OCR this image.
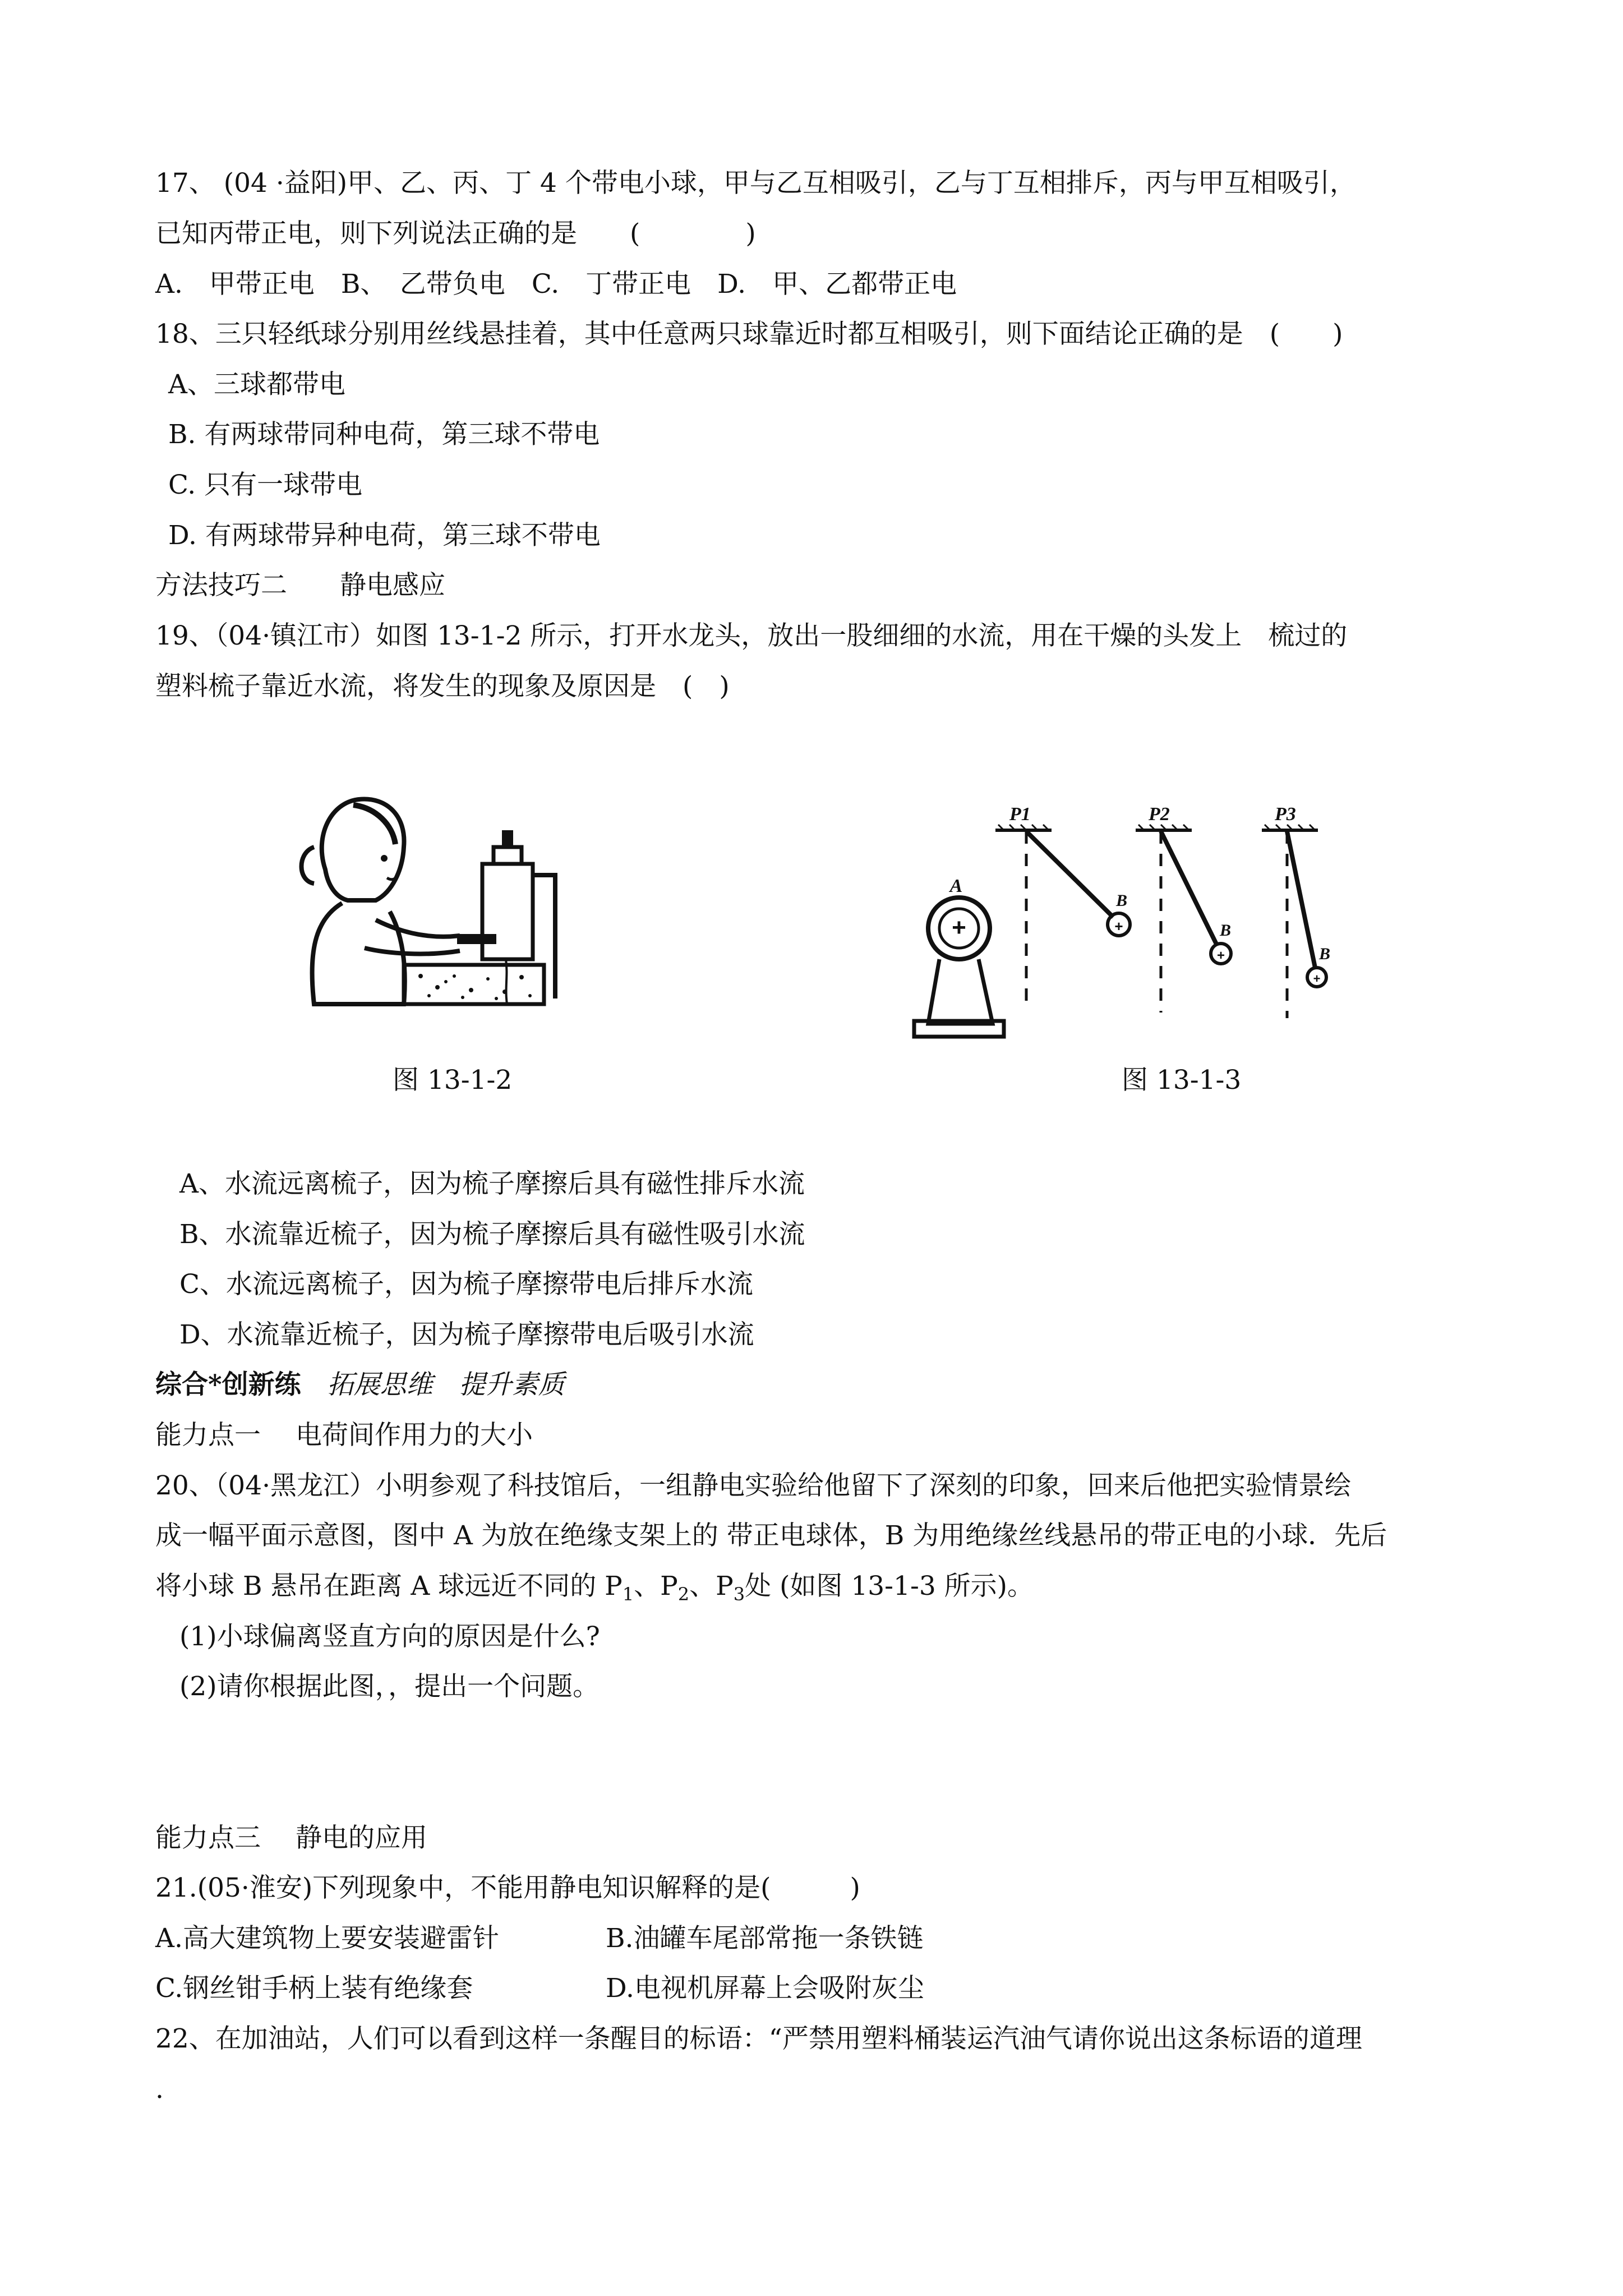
17、 (04 ·益阳)甲、乙、丙、丁 4 个带电小球，甲与乙互相吸引，乙与丁互相排斥，丙与甲互相吸引，
已知丙带正电，则下列说法正确的是　　(　　　　)
A.　甲带正电　B、　乙带负电　C.　丁带正电　D.　甲、乙都带正电
18、三只轻纸球分别用丝线悬挂着，其中任意两只球靠近时都互相吸引，则下面结论正确的是　(　　)
A、三球都带电
B. 有两球带同种电荷，第三球不带电
C. 只有一球带电
D. 有两球带异种电荷，第三球不带电
方法技巧二　　静电感应
19、（04·镇江市）如图 13-1-2 所示，打开水龙头，放出一股细细的水流，用在干燥的头发上　梳过的
塑料梳子靠近水流，将发生的现象及原因是　(　)
图 13-1-2
+
A
+
P1
B
+
P2
B
+
P3
B
图 13-1-3
A、水流远离梳子，因为梳子摩擦后具有磁性排斥水流
B、水流靠近梳子，因为梳子摩擦后具有磁性吸引水流
C、水流远离梳子，因为梳子摩擦带电后排斥水流
D、水流靠近梳子，因为梳子摩擦带电后吸引水流
综合*创新练　拓展思维　提升素质
能力点一　 电荷间作用力的大小
20、（04·黑龙江）小明参观了科技馆后，一组静电实验给他留下了深刻的印象，回来后他把实验情景绘
成一幅平面示意图，图中 A 为放在绝缘支架上的 带正电球体，B 为用绝缘丝线悬吊的带正电的小球．先后
将小球 B 悬吊在距离 A 球远近不同的 $P_1$、$P_2$、$P_3$处 (如图 13-1-3 所示)。
(1)小球偏离竖直方向的原因是什么?
(2)请你根据此图，，提出一个问题。
能力点三　 静电的应用
21.(05·淮安)下列现象中，不能用静电知识解释的是(　　　)
A.高大建筑物上要安装避雷针	B.油罐车尾部常拖一条铁链
C.钢丝钳手柄上装有绝缘套	D.电视机屏幕上会吸附灰尘
22、在加油站，人们可以看到这样一条醒目的标语：“严禁用塑料桶装运汽油气请你说出这条标语的道理
.
